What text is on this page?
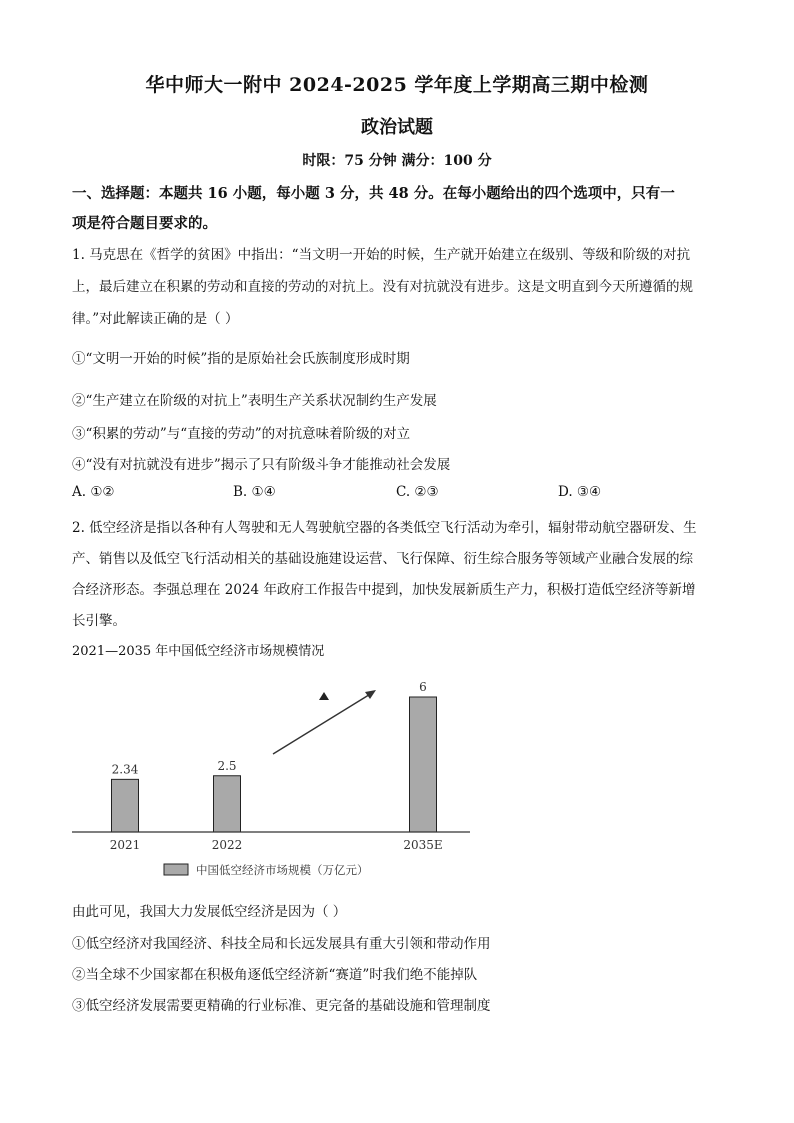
华中师大一附中 2024-2025 学年度上学期高三期中检测
政治试题
时限：75 分钟 满分：100 分
一、选择题：本题共 16 小题，每小题 3 分，共 48 分。在每小题给出的四个选项中，只有一
项是符合题目要求的。
1. 马克思在《哲学的贫困》中指出：“当文明一开始的时候，生产就开始建立在级别、等级和阶级的对抗
上，最后建立在积累的劳动和直接的劳动的对抗上。没有对抗就没有进步。这是文明直到今天所遵循的规
律。”对此解读正确的是（ ）
①“文明一开始的时候”指的是原始社会氏族制度形成时期
②“生产建立在阶级的对抗上”表明生产关系状况制约生产发展
③“积累的劳动”与“直接的劳动”的对抗意味着阶级的对立
④“没有对抗就没有进步”揭示了只有阶级斗争才能推动社会发展
A. ①②	B. ①④	C. ②③	D. ③④
2. 低空经济是指以各种有人驾驶和无人驾驶航空器的各类低空飞行活动为牵引，辐射带动航空器研发、生
产、销售以及低空飞行活动相关的基础设施建设运营、飞行保障、衍生综合服务等领域产业融合发展的综
合经济形态。李强总理在 2024 年政府工作报告中提到，加快发展新质生产力，积极打造低空经济等新增
长引擎。
2021—2035 年中国低空经济市场规模情况
2.34
2021
2.5
2022
6
2035E
中国低空经济市场规模（万亿元）
由此可见，我国大力发展低空经济是因为（ ）
①低空经济对我国经济、科技全局和长远发展具有重大引领和带动作用
②当全球不少国家都在积极角逐低空经济新“赛道”时我们绝不能掉队
③低空经济发展需要更精确的行业标准、更完备的基础设施和管理制度
